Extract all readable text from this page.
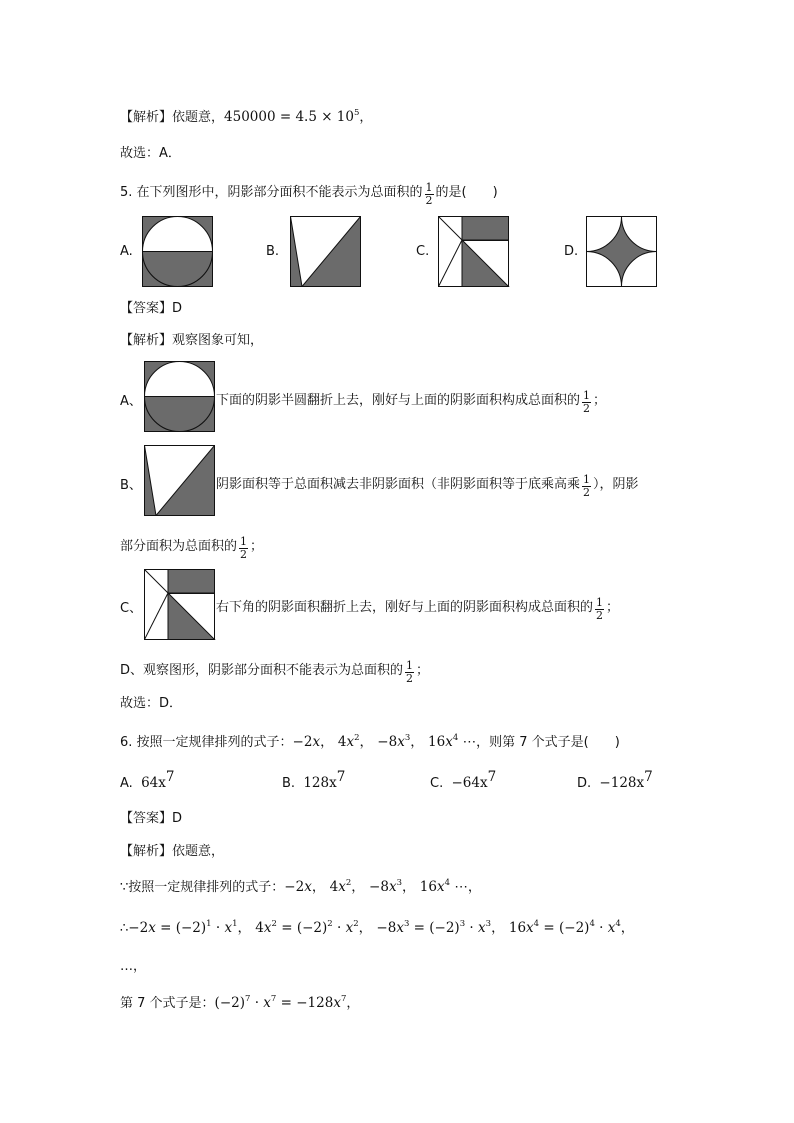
【解析】依题意，$450000 = 4.5 \times 10^5$，
故选：A．
5. 在下列图形中，阴影部分面积不能表示为总面积的 $\frac{1}{2}$ 的是(　　)
A.	B.	C.	D.
【答案】D
【解析】观察图象可知，
A、	下面的阴影半圆翻折上去，刚好与上面的阴影面积构成总面积的 $\frac{1}{2}$ ；
B、	阴影面积等于总面积减去非阴影面积（非阴影面积等于底乘高乘 $\frac{1}{2}$ ），阴影
部分面积为总面积的 $\frac{1}{2}$ ；
C、	右下角的阴影面积翻折上去，刚好与上面的阴影面积构成总面积的 $\frac{1}{2}$ ；
D、观察图形，阴影部分面积不能表示为总面积的 $\frac{1}{2}$ ；
故选：D．
6. 按照一定规律排列的式子：−2x， $4x^2$， $-8x^3$， $16x^4$ ⋯，则第 7 个式子是(　　)
A. $64x^7$	B. $128x^7$	C. $-64x^7$	D. $-128x^7$
【答案】D
【解析】依题意，
∵按照一定规律排列的式子：−2x， $4x^2$， $-8x^3$， $16x^4$ ⋯，
∴−2x = $(-2)^1 \cdot x^1$， $4x^2 = (-2)^2 \cdot x^2$， $-8x^3 = (-2)^3 \cdot x^3$， $16x^4 = (-2)^4 \cdot x^4$，
…，
第 7 个式子是：$(-2)^7 \cdot x^7 = -128x^7$，
